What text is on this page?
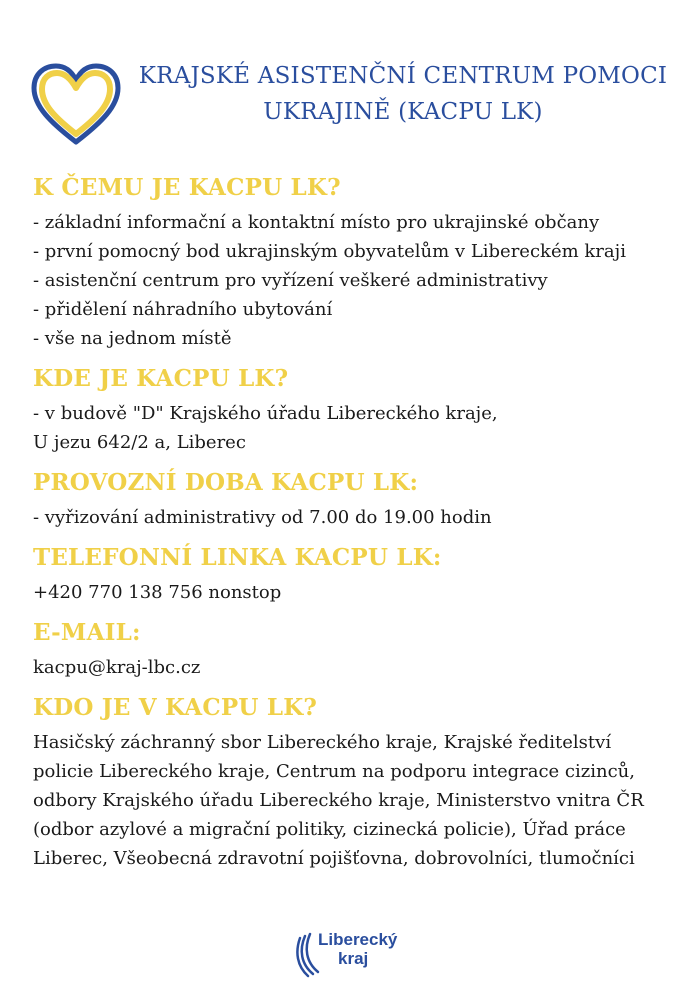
KRAJSKÉ ASISTENČNÍ CENTRUM POMOCI
UKRAJINĚ (KACPU LK)
K ČEMU JE KACPU LK?
- základní informační a kontaktní místo pro ukrajinské občany
- první pomocný bod ukrajinským obyvatelům v Libereckém kraji
- asistenční centrum pro vyřízení veškeré administrativy
- přidělení náhradního ubytování
- vše na jednom místě
KDE JE KACPU LK?
- v budově "D" Krajského úřadu Libereckého kraje,
U jezu 642/2 a, Liberec
PROVOZNÍ DOBA KACPU LK:
- vyřizování administrativy od 7.00 do 19.00 hodin
TELEFONNÍ LINKA KACPU LK:
+420 770 138 756 nonstop
E-MAIL:
kacpu@kraj-lbc.cz
KDO JE V KACPU LK?
Hasičský záchranný sbor Libereckého kraje, Krajské ředitelství policie Libereckého kraje, Centrum na podporu integrace cizinců, odbory Krajského úřadu Libereckého kraje, Ministerstvo vnitra ČR (odbor azylové a migrační politiky, cizinecká policie), Úřad práce Liberec, Všeobecná zdravotní pojišťovna, dobrovolníci, tlumočníci
Liberecký
kraj
